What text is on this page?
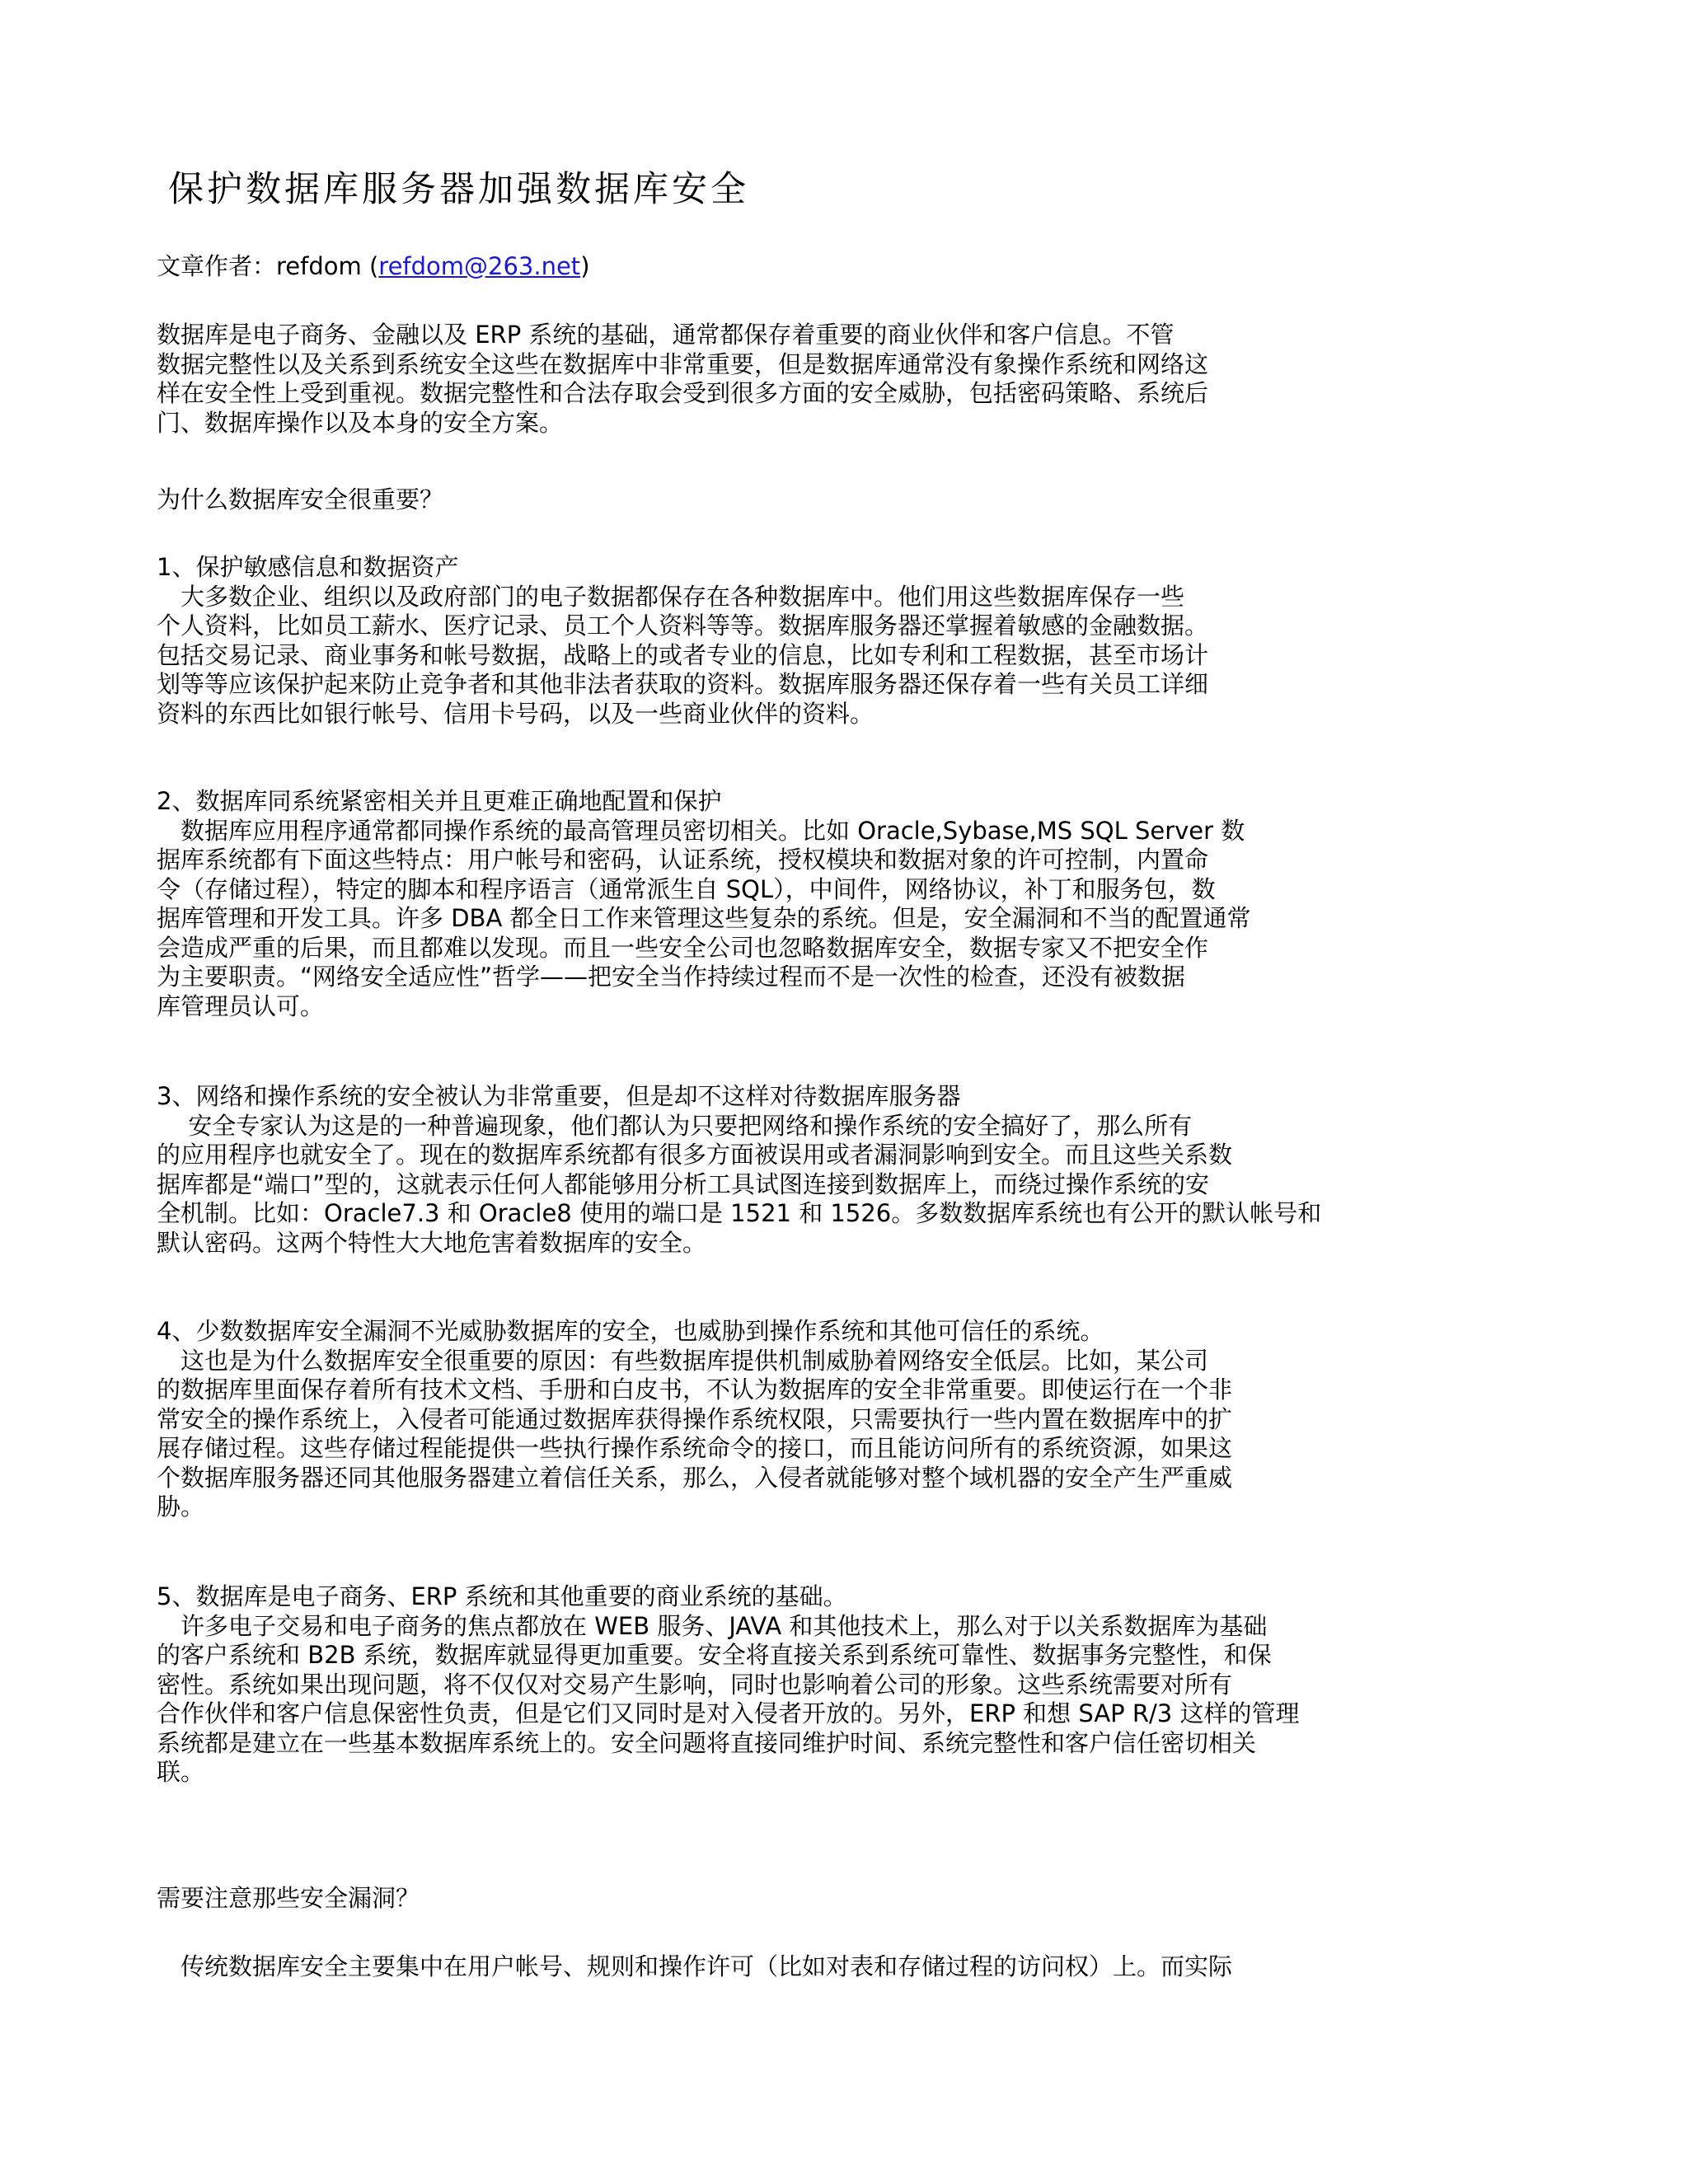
保护数据库服务器加强数据库安全

文章作者：refdom (refdom@263.net)

数据库是电子商务、金融以及 ERP 系统的基础，通常都保存着重要的商业伙伴和客户信息。不管
数据完整性以及关系到系统安全这些在数据库中非常重要，但是数据库通常没有象操作系统和网络这
样在安全性上受到重视。数据完整性和合法存取会受到很多方面的安全威胁，包括密码策略、系统后
门、数据库操作以及本身的安全方案。

为什么数据库安全很重要？

1、保护敏感信息和数据资产
　大多数企业、组织以及政府部门的电子数据都保存在各种数据库中。他们用这些数据库保存一些
个人资料，比如员工薪水、医疗记录、员工个人资料等等。数据库服务器还掌握着敏感的金融数据。
包括交易记录、商业事务和帐号数据，战略上的或者专业的信息，比如专利和工程数据，甚至市场计
划等等应该保护起来防止竞争者和其他非法者获取的资料。数据库服务器还保存着一些有关员工详细
资料的东西比如银行帐号、信用卡号码，以及一些商业伙伴的资料。

2、数据库同系统紧密相关并且更难正确地配置和保护
　数据库应用程序通常都同操作系统的最高管理员密切相关。比如 Oracle,Sybase,MS SQL Server 数
据库系统都有下面这些特点：用户帐号和密码，认证系统，授权模块和数据对象的许可控制，内置命
令（存储过程），特定的脚本和程序语言（通常派生自 SQL），中间件，网络协议，补丁和服务包，数
据库管理和开发工具。许多 DBA 都全日工作来管理这些复杂的系统。但是，安全漏洞和不当的配置通常
会造成严重的后果，而且都难以发现。而且一些安全公司也忽略数据库安全，数据专家又不把安全作
为主要职责。“网络安全适应性”哲学——把安全当作持续过程而不是一次性的检查，还没有被数据
库管理员认可。

3、网络和操作系统的安全被认为非常重要，但是却不这样对待数据库服务器
　 安全专家认为这是的一种普遍现象，他们都认为只要把网络和操作系统的安全搞好了，那么所有
的应用程序也就安全了。现在的数据库系统都有很多方面被误用或者漏洞影响到安全。而且这些关系数
据库都是“端口”型的，这就表示任何人都能够用分析工具试图连接到数据库上，而绕过操作系统的安
全机制。比如：Oracle7.3 和 Oracle8 使用的端口是 1521 和 1526。多数数据库系统也有公开的默认帐号和
默认密码。这两个特性大大地危害着数据库的安全。

4、少数数据库安全漏洞不光威胁数据库的安全，也威胁到操作系统和其他可信任的系统。
　这也是为什么数据库安全很重要的原因：有些数据库提供机制威胁着网络安全低层。比如，某公司
的数据库里面保存着所有技术文档、手册和白皮书，不认为数据库的安全非常重要。即使运行在一个非
常安全的操作系统上，入侵者可能通过数据库获得操作系统权限，只需要执行一些内置在数据库中的扩
展存储过程。这些存储过程能提供一些执行操作系统命令的接口，而且能访问所有的系统资源，如果这
个数据库服务器还同其他服务器建立着信任关系，那么，入侵者就能够对整个域机器的安全产生严重威
胁。

5、数据库是电子商务、ERP 系统和其他重要的商业系统的基础。
　许多电子交易和电子商务的焦点都放在 WEB 服务、JAVA 和其他技术上，那么对于以关系数据库为基础
的客户系统和 B2B 系统，数据库就显得更加重要。安全将直接关系到系统可靠性、数据事务完整性，和保
密性。系统如果出现问题，将不仅仅对交易产生影响，同时也影响着公司的形象。这些系统需要对所有
合作伙伴和客户信息保密性负责，但是它们又同时是对入侵者开放的。另外，ERP 和想 SAP R/3 这样的管理
系统都是建立在一些基本数据库系统上的。安全问题将直接同维护时间、系统完整性和客户信任密切相关
联。

需要注意那些安全漏洞？

　传统数据库安全主要集中在用户帐号、规则和操作许可（比如对表和存储过程的访问权）上。而实际
